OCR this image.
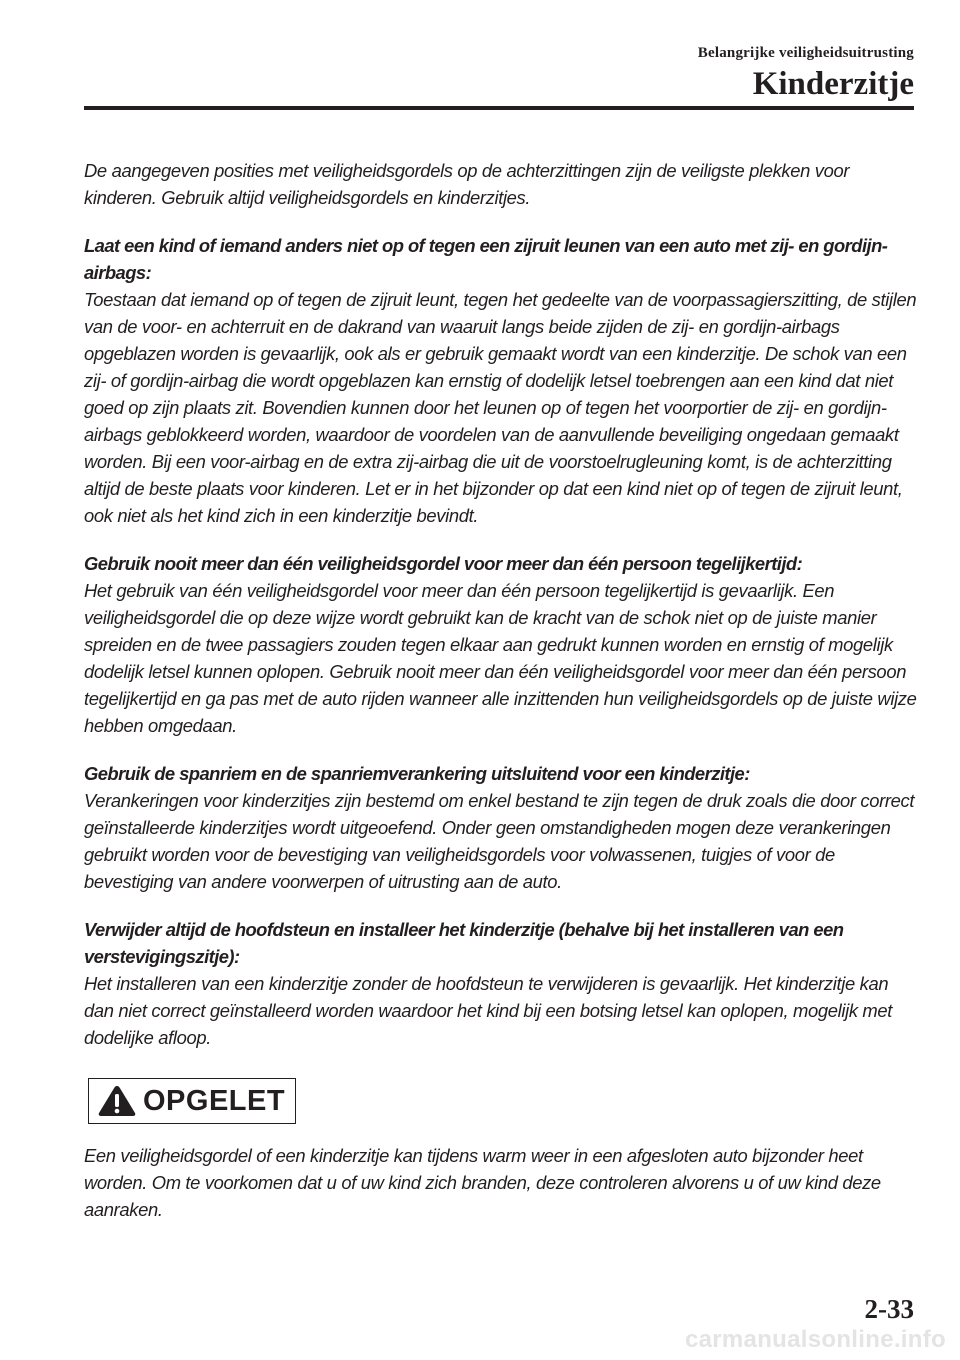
Belangrijke veiligheidsuitrusting
Kinderzitje
De aangegeven posities met veiligheidsgordels op de achterzittingen zijn de veiligste plekken voor kinderen. Gebruik altijd veiligheidsgordels en kinderzitjes.
Laat een kind of iemand anders niet op of tegen een zijruit leunen van een auto met zij- en gordijn-airbags:
Toestaan dat iemand op of tegen de zijruit leunt, tegen het gedeelte van de voorpassagierszitting, de stijlen van de voor- en achterruit en de dakrand van waaruit langs beide zijden de zij- en gordijn-airbags opgeblazen worden is gevaarlijk, ook als er gebruik gemaakt wordt van een kinderzitje. De schok van een zij- of gordijn-airbag die wordt opgeblazen kan ernstig of dodelijk letsel toebrengen aan een kind dat niet goed op zijn plaats zit. Bovendien kunnen door het leunen op of tegen het voorportier de zij- en gordijn-airbags geblokkeerd worden, waardoor de voordelen van de aanvullende beveiliging ongedaan gemaakt worden. Bij een voor-airbag en de extra zij-airbag die uit de voorstoelrugleuning komt, is de achterzitting altijd de beste plaats voor kinderen. Let er in het bijzonder op dat een kind niet op of tegen de zijruit leunt, ook niet als het kind zich in een kinderzitje bevindt.
Gebruik nooit meer dan één veiligheidsgordel voor meer dan één persoon tegelijkertijd:
Het gebruik van één veiligheidsgordel voor meer dan één persoon tegelijkertijd is gevaarlijk. Een veiligheidsgordel die op deze wijze wordt gebruikt kan de kracht van de schok niet op de juiste manier spreiden en de twee passagiers zouden tegen elkaar aan gedrukt kunnen worden en ernstig of mogelijk dodelijk letsel kunnen oplopen. Gebruik nooit meer dan één veiligheidsgordel voor meer dan één persoon tegelijkertijd en ga pas met de auto rijden wanneer alle inzittenden hun veiligheidsgordels op de juiste wijze hebben omgedaan.
Gebruik de spanriem en de spanriemverankering uitsluitend voor een kinderzitje:
Verankeringen voor kinderzitjes zijn bestemd om enkel bestand te zijn tegen de druk zoals die door correct geïnstalleerde kinderzitjes wordt uitgeoefend. Onder geen omstandigheden mogen deze verankeringen gebruikt worden voor de bevestiging van veiligheidsgordels voor volwassenen, tuigjes of voor de bevestiging van andere voorwerpen of uitrusting aan de auto.
Verwijder altijd de hoofdsteun en installeer het kinderzitje (behalve bij het installeren van een verstevigingszitje):
Het installeren van een kinderzitje zonder de hoofdsteun te verwijderen is gevaarlijk. Het kinderzitje kan dan niet correct geïnstalleerd worden waardoor het kind bij een botsing letsel kan oplopen, mogelijk met dodelijke afloop.
OPGELET
Een veiligheidsgordel of een kinderzitje kan tijdens warm weer in een afgesloten auto bijzonder heet worden. Om te voorkomen dat u of uw kind zich branden, deze controleren alvorens u of uw kind deze aanraken.
2-33
carmanualsonline.info
